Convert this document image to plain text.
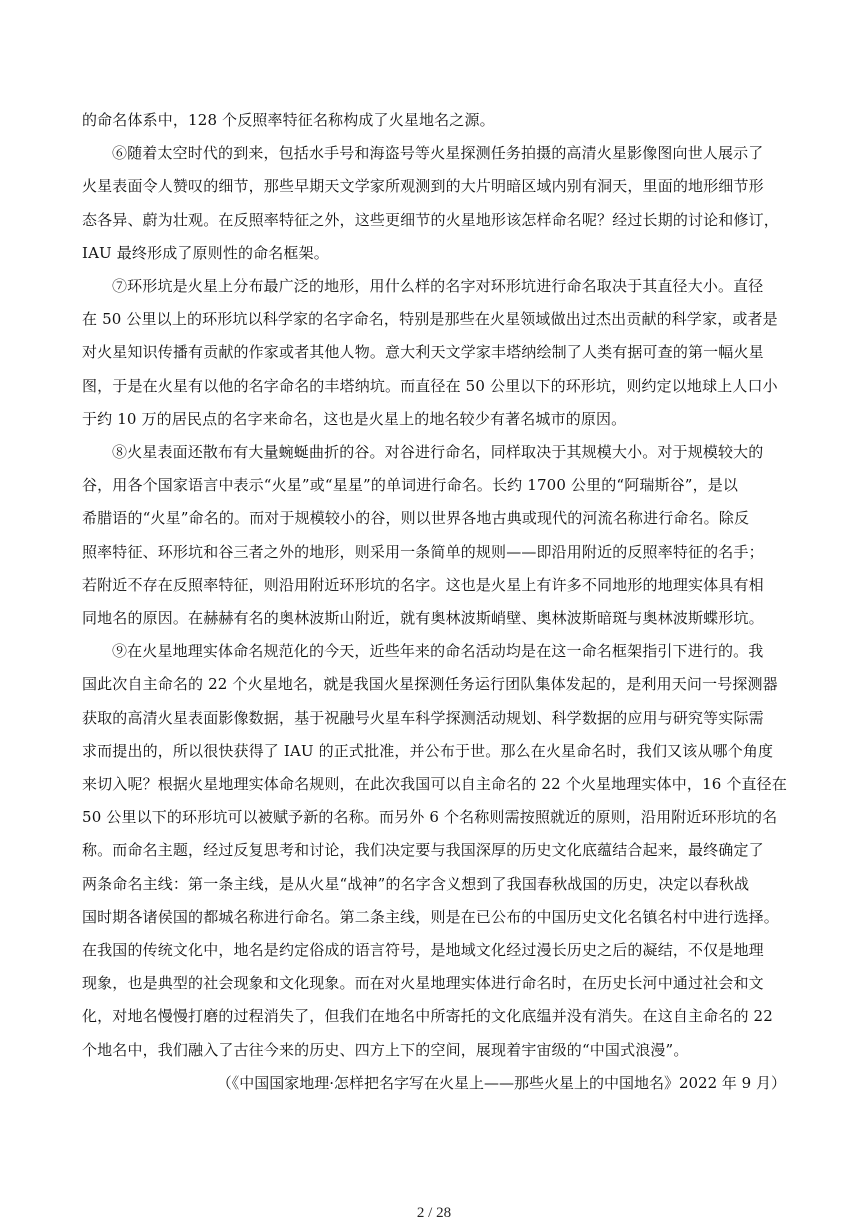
的命名体系中，128 个反照率特征名称构成了火星地名之源。

⑥随着太空时代的到来，包括水手号和海盗号等火星探测任务拍摄的高清火星影像图向世人展示了
火星表面令人赞叹的细节，那些早期天文学家所观测到的大片明暗区域内别有洞天，里面的地形细节形
态各异、蔚为壮观。在反照率特征之外，这些更细节的火星地形该怎样命名呢？经过长期的讨论和修订，
IAU 最终形成了原则性的命名框架。

⑦环形坑是火星上分布最广泛的地形，用什么样的名字对环形坑进行命名取决于其直径大小。直径
在 50 公里以上的环形坑以科学家的名字命名，特别是那些在火星领域做出过杰出贡献的科学家，或者是
对火星知识传播有贡献的作家或者其他人物。意大利天文学家丰塔纳绘制了人类有据可查的第一幅火星
图，于是在火星有以他的名字命名的丰塔纳坑。而直径在 50 公里以下的环形坑，则约定以地球上人口小
于约 10 万的居民点的名字来命名，这也是火星上的地名较少有著名城市的原因。

⑧火星表面还散布有大量蜿蜒曲折的谷。对谷进行命名，同样取决于其规模大小。对于规模较大的
谷，用各个国家语言中表示“火星”或“星星”的单词进行命名。长约 1700 公里的“阿瑞斯谷”，是以
希腊语的“火星”命名的。而对于规模较小的谷，则以世界各地古典或现代的河流名称进行命名。除反
照率特征、环形坑和谷三者之外的地形，则采用一条简单的规则——即沿用附近的反照率特征的名手；
若附近不存在反照率特征，则沿用附近环形坑的名字。这也是火星上有许多不同地形的地理实体具有相
同地名的原因。在赫赫有名的奥林波斯山附近，就有奥林波斯峭壁、奥林波斯暗斑与奥林波斯蝶形坑。

⑨在火星地理实体命名规范化的今天，近些年来的命名活动均是在这一命名框架指引下进行的。我
国此次自主命名的 22 个火星地名，就是我国火星探测任务运行团队集体发起的，是利用天问一号探测器
获取的高清火星表面影像数据，基于祝融号火星车科学探测活动规划、科学数据的应用与研究等实际需
求而提出的，所以很快获得了 IAU 的正式批准，并公布于世。那么在火星命名时，我们又该从哪个角度
来切入呢？根据火星地理实体命名规则，在此次我国可以自主命名的 22 个火星地理实体中，16 个直径在
50 公里以下的环形坑可以被赋予新的名称。而另外 6 个名称则需按照就近的原则，沿用附近环形坑的名
称。而命名主题，经过反复思考和讨论，我们决定要与我国深厚的历史文化底蕴结合起来，最终确定了
两条命名主线：第一条主线，是从火星“战神”的名字含义想到了我国春秋战国的历史，决定以春秋战
国时期各诸侯国的都城名称进行命名。第二条主线，则是在已公布的中国历史文化名镇名村中进行选择。
在我国的传统文化中，地名是约定俗成的语言符号，是地域文化经过漫长历史之后的凝结，不仅是地理
现象，也是典型的社会现象和文化现象。而在对火星地理实体进行命名时，在历史长河中通过社会和文
化，对地名慢慢打磨的过程消失了，但我们在地名中所寄托的文化底缊并没有消失。在这自主命名的 22
个地名中，我们融入了古往今来的历史、四方上下的空间，展现着宇宙级的“中国式浪漫”。

（《中国国家地理·怎样把名字写在火星上——那些火星上的中国地名》2022 年 9 月）

2 / 28
